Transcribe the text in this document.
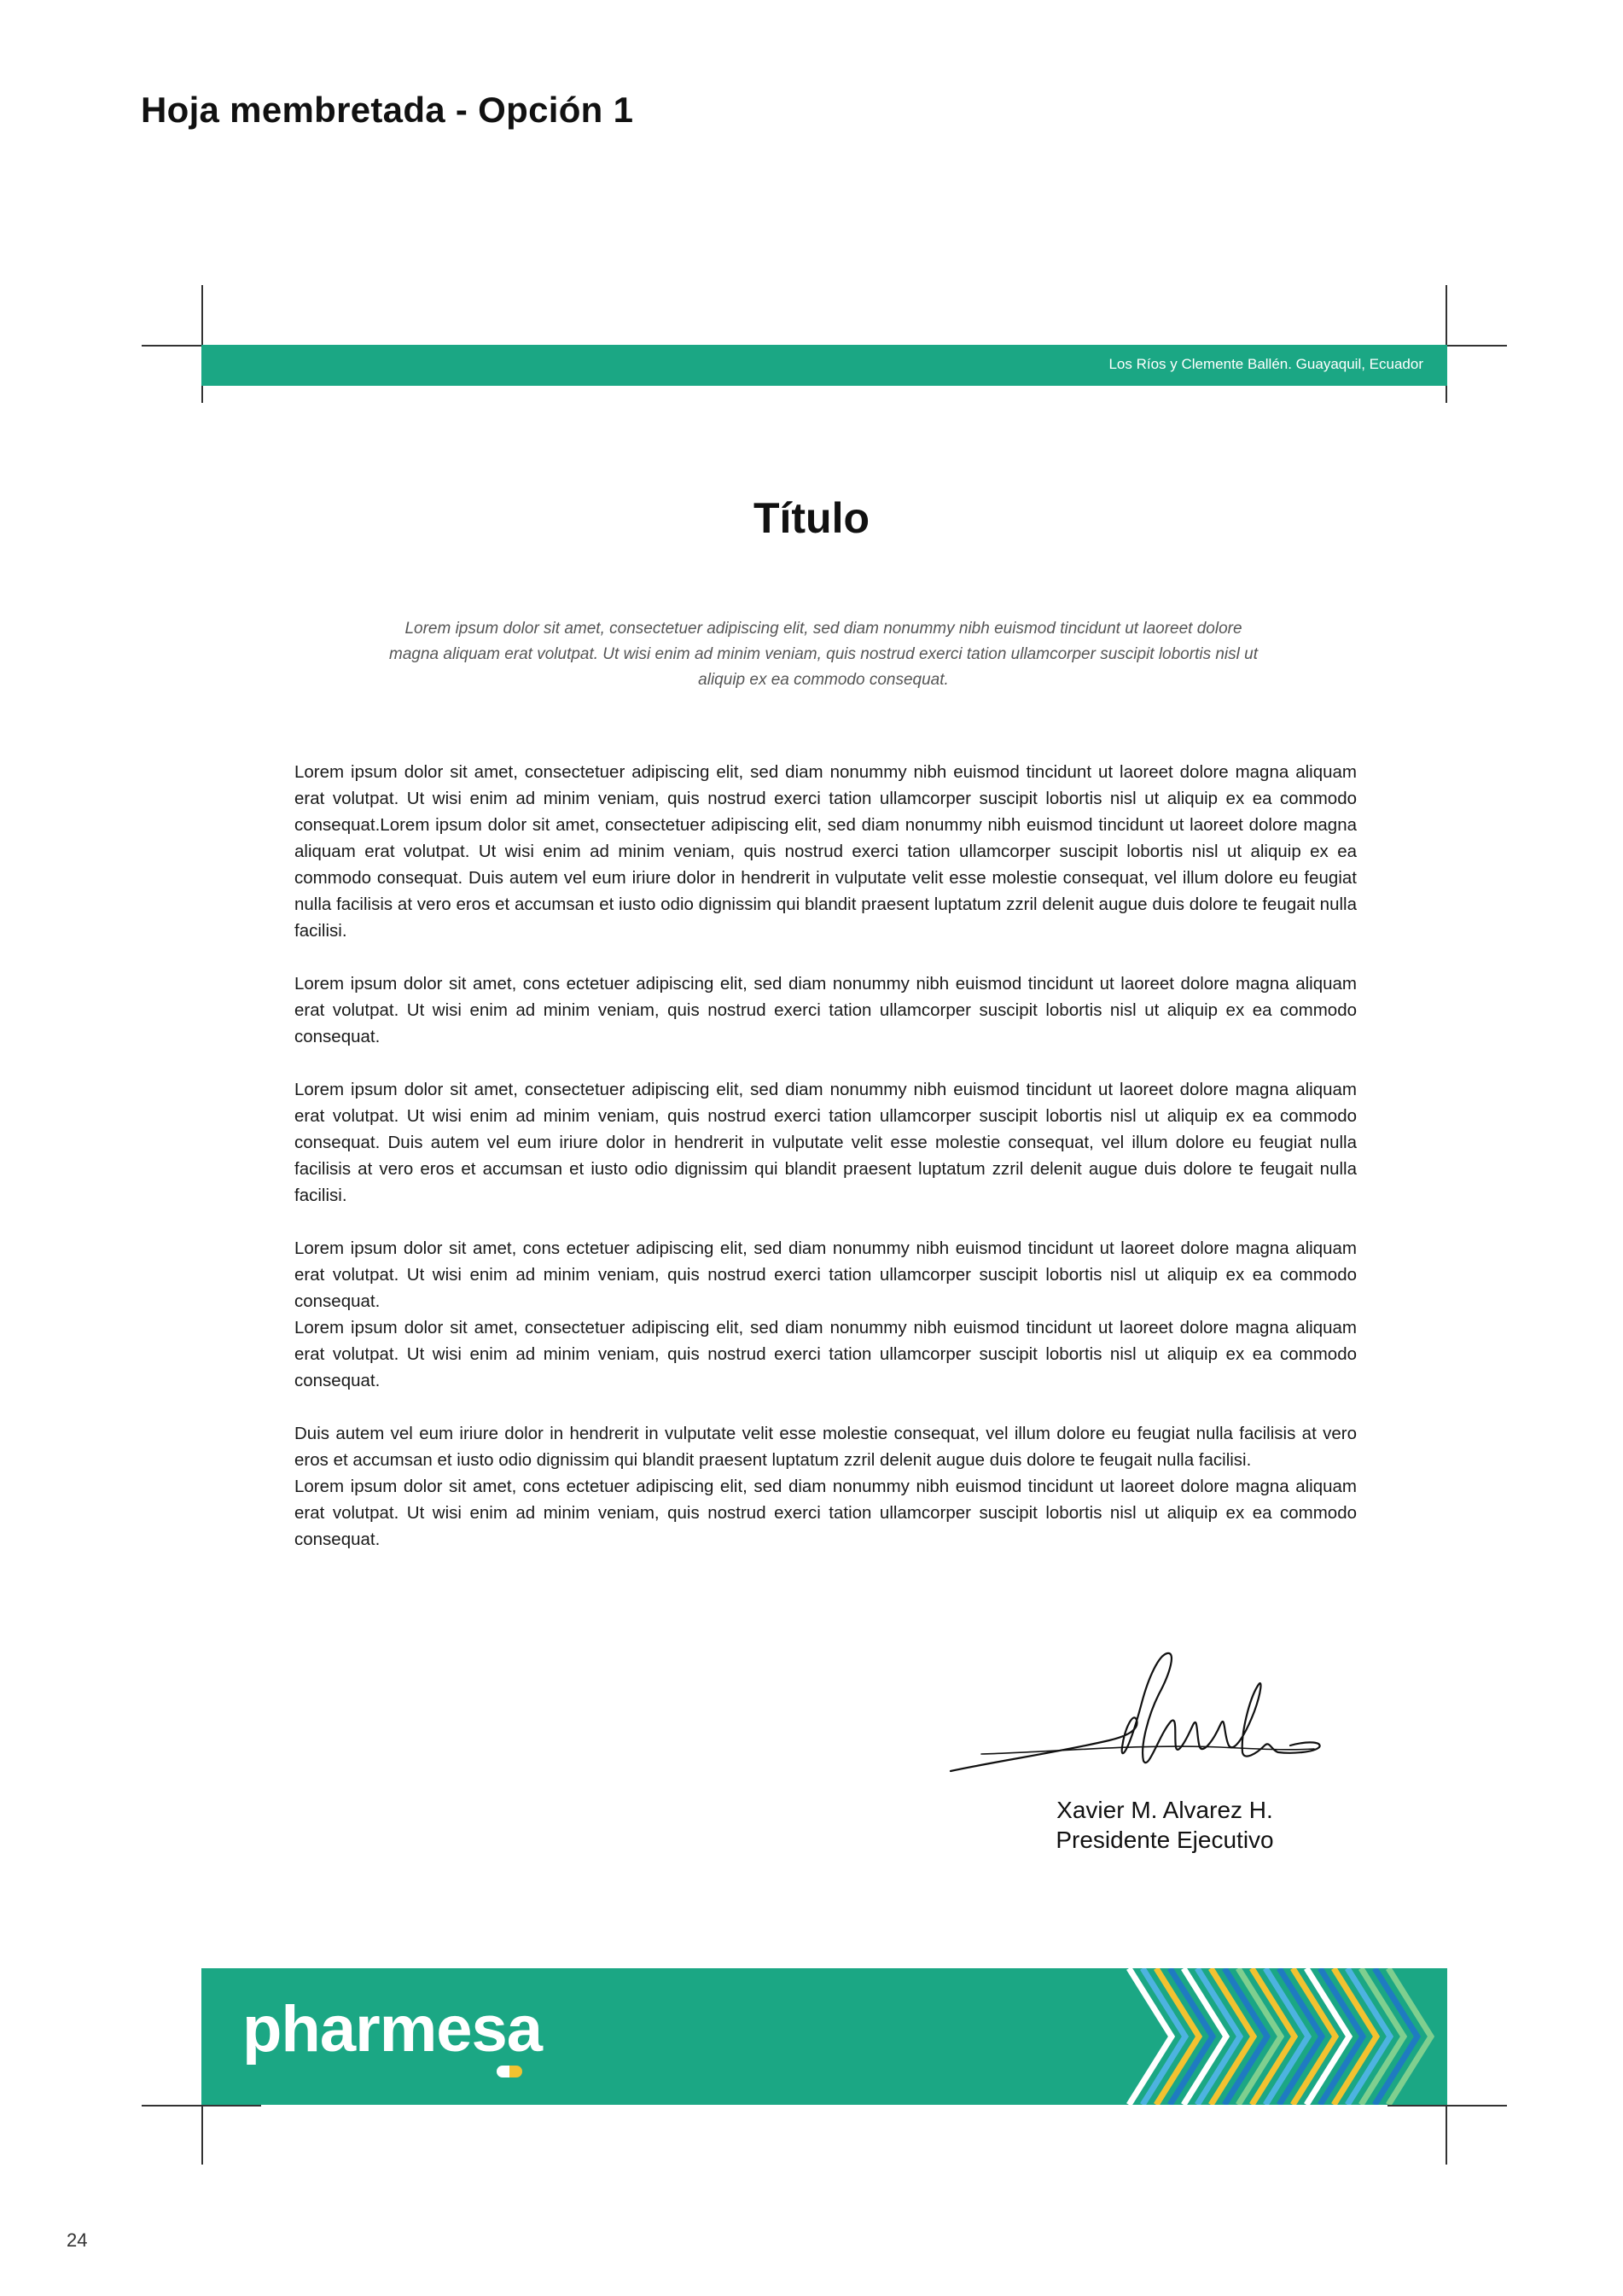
Hoja membretada - Opción 1
Los Ríos y Clemente Ballén. Guayaquil, Ecuador
Título
Lorem ipsum dolor sit amet, consectetuer adipiscing elit, sed diam nonummy nibh euismod tincidunt ut laoreet dolore magna aliquam erat volutpat. Ut wisi enim ad minim veniam, quis nostrud exerci tation ullamcorper suscipit lobortis nisl ut aliquip ex ea commodo consequat.

Lorem ipsum dolor sit amet, consectetuer adipiscing elit, sed diam nonummy nibh euismod tincidunt ut laoreet dolore magna aliquam erat volutpat. Ut wisi enim ad minim veniam, quis nostrud exerci tation ullamcorper suscipit lobortis nisl ut aliquip ex ea commodo consequat.Lorem ipsum dolor sit amet, consectetuer adipiscing elit, sed diam nonummy nibh euismod tincidunt ut laoreet dolore magna aliquam erat volutpat. Ut wisi enim ad minim veniam, quis nostrud exerci tation ullamcorper suscipit lobortis nisl ut aliquip ex ea commodo consequat. Duis autem vel eum iriure dolor in hendrerit in vulputate velit esse molestie consequat, vel illum dolore eu feugiat nulla facilisis at vero eros et accumsan et iusto odio dignissim qui blandit praesent luptatum zzril delenit augue duis dolore te feugait nulla facilisi.

Lorem ipsum dolor sit amet, cons ectetuer adipiscing elit, sed diam nonummy nibh euismod tincidunt ut laoreet dolore magna aliquam erat volutpat. Ut wisi enim ad minim veniam, quis nostrud exerci tation ullamcorper suscipit lobortis nisl ut aliquip ex ea commodo consequat.

Lorem ipsum dolor sit amet, consectetuer adipiscing elit, sed diam nonummy nibh euismod tincidunt ut laoreet dolore magna aliquam erat volutpat. Ut wisi enim ad minim veniam, quis nostrud exerci tation ullamcorper suscipit lobortis nisl ut aliquip ex ea commodo consequat. Duis autem vel eum iriure dolor in hendrerit in vulputate velit esse molestie consequat, vel illum dolore eu feugiat nulla facilisis at vero eros et accumsan et iusto odio dignissim qui blandit praesent luptatum zzril delenit augue duis dolore te feugait nulla facilisi.

Lorem ipsum dolor sit amet, cons ectetuer adipiscing elit, sed diam nonummy nibh euismod tincidunt ut laoreet dolore magna aliquam erat volutpat. Ut wisi enim ad minim veniam, quis nostrud exerci tation ullamcorper suscipit lobortis nisl ut aliquip ex ea commodo consequat.

Lorem ipsum dolor sit amet, consectetuer adipiscing elit, sed diam nonummy nibh euismod tincidunt ut laoreet dolore magna aliquam erat volutpat. Ut wisi enim ad minim veniam, quis nostrud exerci tation ullamcorper suscipit lobortis nisl ut aliquip ex ea commodo consequat.

Duis autem vel eum iriure dolor in hendrerit in vulputate velit esse molestie consequat, vel illum dolore eu feugiat nulla facilisis at vero eros et accumsan et iusto odio dignissim qui blandit praesent luptatum zzril delenit augue duis dolore te feugait nulla facilisi.

Lorem ipsum dolor sit amet, cons ectetuer adipiscing elit, sed diam nonummy nibh euismod tincidunt ut laoreet dolore magna aliquam erat volutpat. Ut wisi enim ad minim veniam, quis nostrud exerci tation ullamcorper suscipit lobortis nisl ut aliquip ex ea commodo consequat.

Xavier M. Alvarez H.
Presidente Ejecutivo
pharmesa
24
